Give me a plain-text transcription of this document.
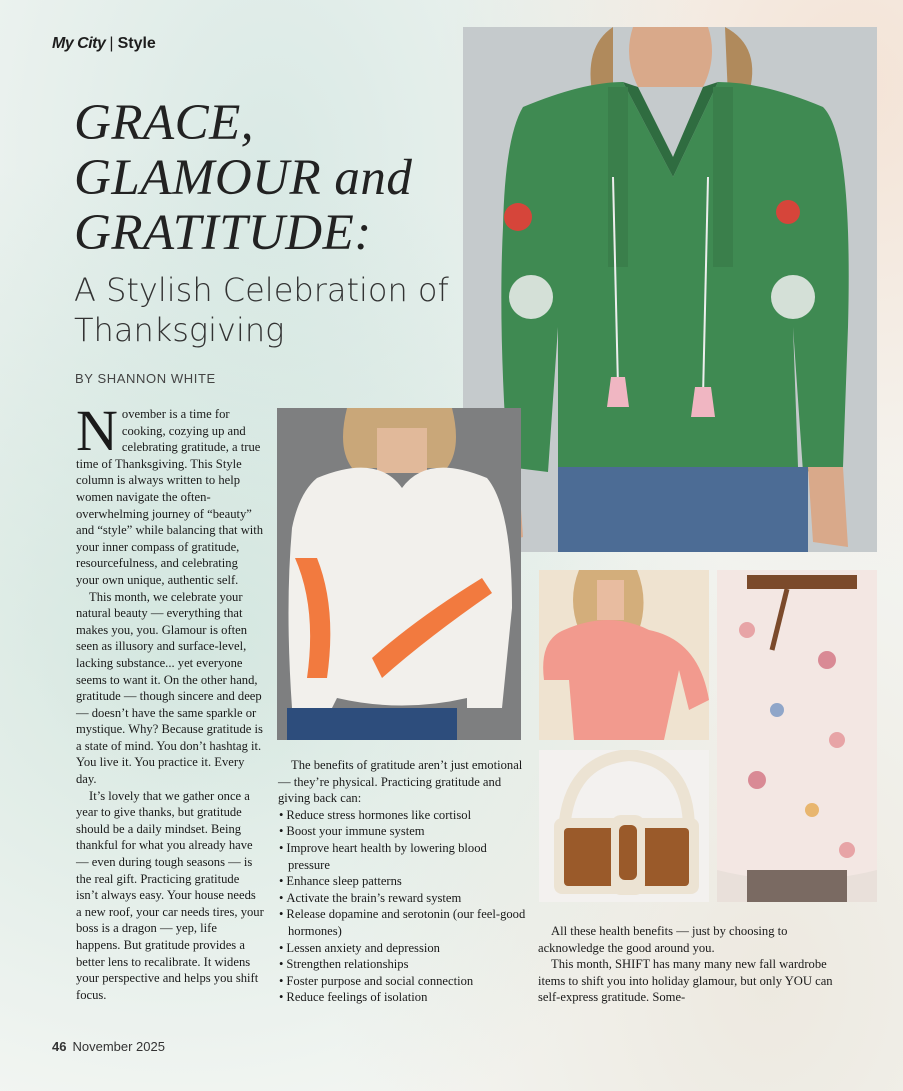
My City | Style
GRACE, GLAMOUR and GRATITUDE:
A Stylish Celebration of Thanksgiving
BY SHANNON WHITE

November is a time for cooking, cozying up and celebrating gratitude, a true time of Thanksgiving. This Style column is always written to help women navigate the often-overwhelming journey of “beauty” and “style” while balancing that with your inner compass of gratitude, resourcefulness, and celebrating your own unique, authentic self.

This month, we celebrate your natural beauty — everything that makes you, you. Glamour is often seen as illusory and surface-level, lacking substance... yet everyone seems to want it. On the other hand, gratitude — though sincere and deep — doesn’t have the same sparkle or mystique. Why? Because gratitude is a state of mind. You don’t hashtag it. You live it. You practice it. Every day.

It’s lovely that we gather once a year to give thanks, but gratitude should be a daily mindset. Being thankful for what you already have — even during tough seasons — is the real gift. Practicing gratitude isn’t always easy. Your house needs a new roof, your car needs tires, your boss is a dragon — yep, life happens. But gratitude provides a better lens to recalibrate. It widens your perspective and helps you shift focus.

The benefits of gratitude aren’t just emotional — they’re physical. Practicing gratitude and giving back can:

• Reduce stress hormones like cortisol
• Boost your immune system
• Improve heart health by lowering blood pressure
• Enhance sleep patterns
• Activate the brain’s reward system
• Release dopamine and serotonin (our feel-good hormones)
• Lessen anxiety and depression
• Strengthen relationships
• Foster purpose and social connection
• Reduce feelings of isolation

All these health benefits — just by choosing to acknowledge the good around you.

This month, SHIFT has many many new fall wardrobe items to shift you into holiday glamour, but only YOU can self-express gratitude. Some-

46 November 2025
